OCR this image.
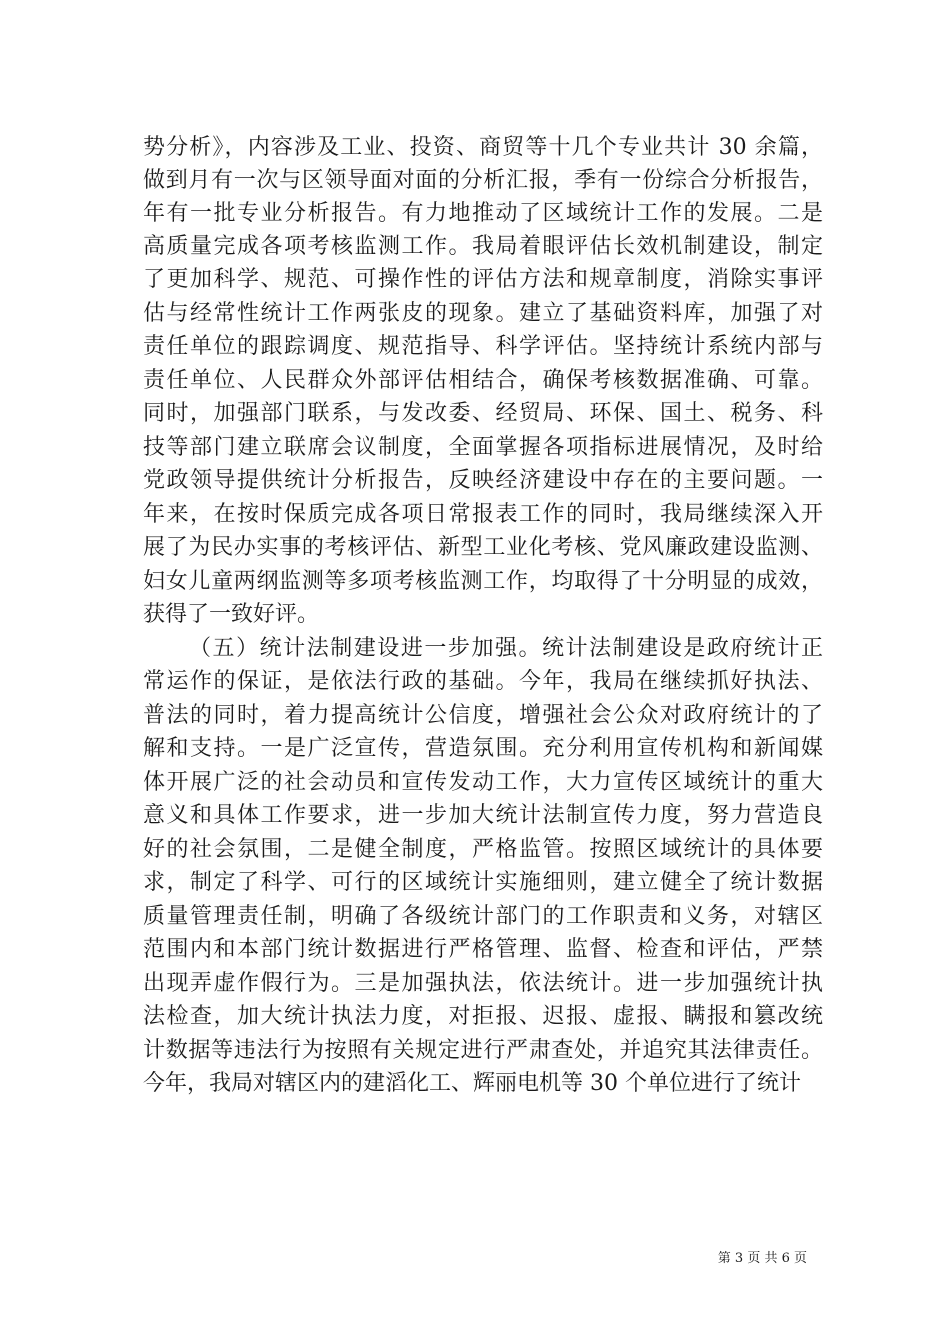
势分析》，内容涉及工业、投资、商贸等十几个专业共计 30 余篇，
做到月有一次与区领导面对面的分析汇报，季有一份综合分析报告，
年有一批专业分析报告。有力地推动了区域统计工作的发展。二是
高质量完成各项考核监测工作。我局着眼评估长效机制建设，制定
了更加科学、规范、可操作性的评估方法和规章制度，消除实事评
估与经常性统计工作两张皮的现象。建立了基础资料库，加强了对
责任单位的跟踪调度、规范指导、科学评估。坚持统计系统内部与
责任单位、人民群众外部评估相结合，确保考核数据准确、可靠。
同时，加强部门联系，与发改委、经贸局、环保、国土、税务、科
技等部门建立联席会议制度，全面掌握各项指标进展情况，及时给
党政领导提供统计分析报告，反映经济建设中存在的主要问题。一
年来，在按时保质完成各项日常报表工作的同时，我局继续深入开
展了为民办实事的考核评估、新型工业化考核、党风廉政建设监测、
妇女儿童两纲监测等多项考核监测工作，均取得了十分明显的成效，
获得了一致好评。
（五）统计法制建设进一步加强。统计法制建设是政府统计正
常运作的保证，是依法行政的基础。今年，我局在继续抓好执法、
普法的同时，着力提高统计公信度，增强社会公众对政府统计的了
解和支持。一是广泛宣传，营造氛围。充分利用宣传机构和新闻媒
体开展广泛的社会动员和宣传发动工作，大力宣传区域统计的重大
意义和具体工作要求，进一步加大统计法制宣传力度，努力营造良
好的社会氛围，二是健全制度，严格监管。按照区域统计的具体要
求，制定了科学、可行的区域统计实施细则，建立健全了统计数据
质量管理责任制，明确了各级统计部门的工作职责和义务，对辖区
范围内和本部门统计数据进行严格管理、监督、检查和评估，严禁
出现弄虚作假行为。三是加强执法，依法统计。进一步加强统计执
法检查，加大统计执法力度，对拒报、迟报、虚报、瞒报和篡改统
计数据等违法行为按照有关规定进行严肃查处，并追究其法律责任。
今年，我局对辖区内的建滔化工、辉丽电机等 30 个单位进行了统计
第 3 页 共 6 页
